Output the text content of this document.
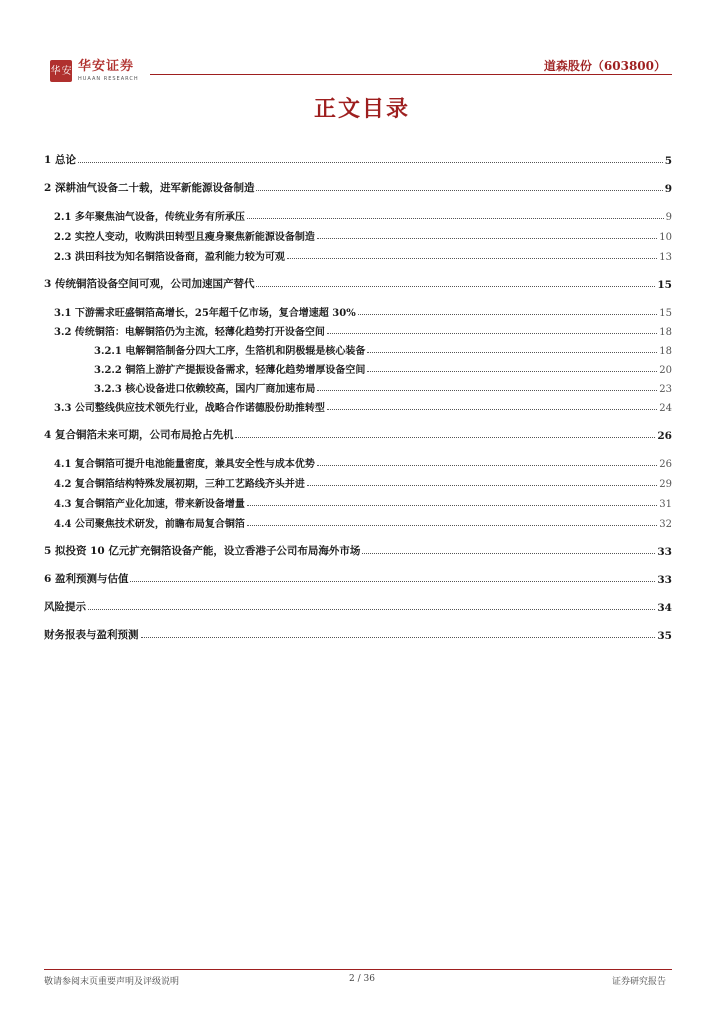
华 安 华安证券
HUAAN RESEARCH
道森股份（603800）
正文目录
1 总论	5
2 深耕油气设备二十载，进军新能源设备制造	9
2.1 多年聚焦油气设备，传统业务有所承压	9
2.2 实控人变动，收购洪田转型且瘦身聚焦新能源设备制造	10
2.3 洪田科技为知名铜箔设备商，盈利能力较为可观	13
3 传统铜箔设备空间可观，公司加速国产替代	15
3.1 下游需求旺盛铜箔高增长，25年超千亿市场，复合增速超 30%	15
3.2 传统铜箔：电解铜箔仍为主流，轻薄化趋势打开设备空间	18
3.2.1 电解铜箔制备分四大工序，生箔机和阴极辊是核心装备	18
3.2.2 铜箔上游扩产提振设备需求，轻薄化趋势增厚设备空间	20
3.2.3 核心设备进口依赖较高，国内厂商加速布局	23
3.3 公司整线供应技术领先行业，战略合作诺德股份助推转型	24
4 复合铜箔未来可期，公司布局抢占先机	26
4.1 复合铜箔可提升电池能量密度，兼具安全性与成本优势	26
4.2 复合铜箔结构特殊发展初期，三种工艺路线齐头并进	29
4.3 复合铜箔产业化加速，带来新设备增量	31
4.4 公司聚焦技术研发，前瞻布局复合铜箔	32
5 拟投资 10 亿元扩充铜箔设备产能，设立香港子公司布局海外市场	33
6 盈利预测与估值	33
风险提示	34
财务报表与盈利预测	35
敬请参阅末页重要声明及评级说明	2 / 36	证券研究报告
